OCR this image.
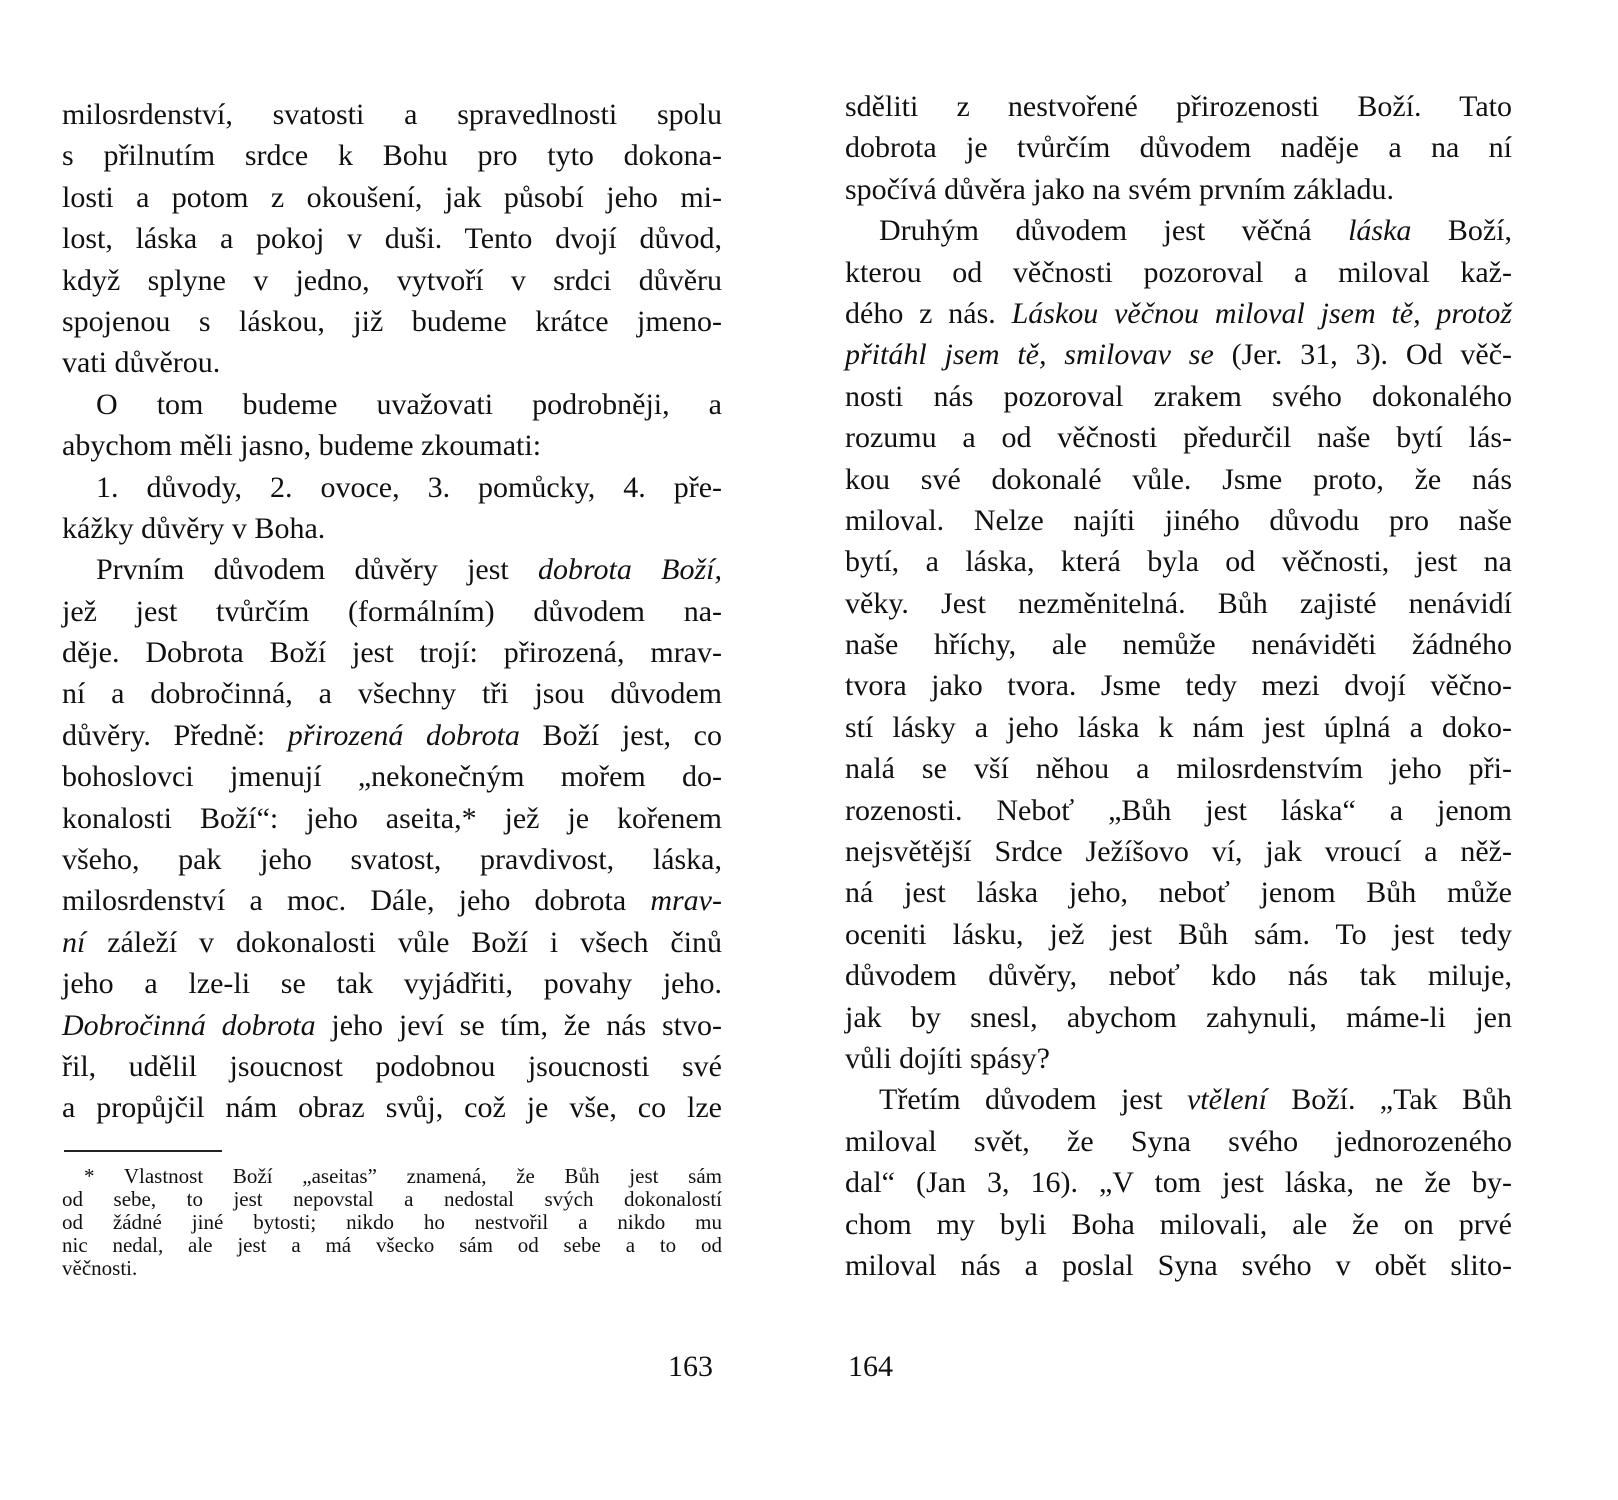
milosrdenství, svatosti a spravedlnosti spolu
s přilnutím srdce k Bohu pro tyto dokona-
losti a potom z okoušení, jak působí jeho mi-
lost, láska a pokoj v duši. Tento dvojí důvod,
když splyne v jedno, vytvoří v srdci důvěru
spojenou s láskou, již budeme krátce jmeno-
vati důvěrou.
O tom budeme uvažovati podrobněji, a
abychom měli jasno, budeme zkoumati:
1. důvody, 2. ovoce, 3. pomůcky, 4. pře-
kážky důvěry v Boha.
Prvním důvodem důvěry jest dobrota Boží,
jež jest tvůrčím (formálním) důvodem na-
děje. Dobrota Boží jest trojí: přirozená, mrav-
ní a dobročinná, a všechny tři jsou důvodem
důvěry. Předně: přirozená dobrota Boží jest, co
bohoslovci jmenují „nekonečným mořem do-
konalosti Boží“: jeho aseita,* jež je kořenem
všeho, pak jeho svatost, pravdivost, láska,
milosrdenství a moc. Dále, jeho dobrota mrav-
ní záleží v dokonalosti vůle Boží i všech činů
jeho a lze-li se tak vyjádřiti, povahy jeho.
Dobročinná dobrota jeho jeví se tím, že nás stvo-
řil, udělil jsoucnost podobnou jsoucnosti své
a propůjčil nám obraz svůj, což je vše, co lze
* Vlastnost Boží „aseitas” znamená, že Bůh jest sám
od sebe, to jest nepovstal a nedostal svých dokonalostí
od žádné jiné bytosti; nikdo ho nestvořil a nikdo mu
nic nedal, ale jest a má všecko sám od sebe a to od
věčnosti.
sděliti z nestvořené přirozenosti Boží. Tato
dobrota je tvůrčím důvodem naděje a na ní
spočívá důvěra jako na svém prvním základu.
Druhým důvodem jest věčná láska Boží,
kterou od věčnosti pozoroval a miloval kaž-
dého z nás. Láskou věčnou miloval jsem tě, protož
přitáhl jsem tě, smilovav se (Jer. 31, 3). Od věč-
nosti nás pozoroval zrakem svého dokonalého
rozumu a od věčnosti předurčil naše bytí lás-
kou své dokonalé vůle. Jsme proto, že nás
miloval. Nelze najíti jiného důvodu pro naše
bytí, a láska, která byla od věčnosti, jest na
věky. Jest nezměnitelná. Bůh zajisté nenávidí
naše hříchy, ale nemůže nenáviděti žádného
tvora jako tvora. Jsme tedy mezi dvojí věčno-
stí lásky a jeho láska k nám jest úplná a doko-
nalá se vší něhou a milosrdenstvím jeho při-
rozenosti. Neboť „Bůh jest láska“ a jenom
nejsvětější Srdce Ježíšovo ví, jak vroucí a něž-
ná jest láska jeho, neboť jenom Bůh může
oceniti lásku, jež jest Bůh sám. To jest tedy
důvodem důvěry, neboť kdo nás tak miluje,
jak by snesl, abychom zahynuli, máme-li jen
vůli dojíti spásy?
Třetím důvodem jest vtělení Boží. „Tak Bůh
miloval svět, že Syna svého jednorozeného
dal“ (Jan 3, 16). „V tom jest láska, ne že by-
chom my byli Boha milovali, ale že on prvé
miloval nás a poslal Syna svého v obět slito-
163	164
